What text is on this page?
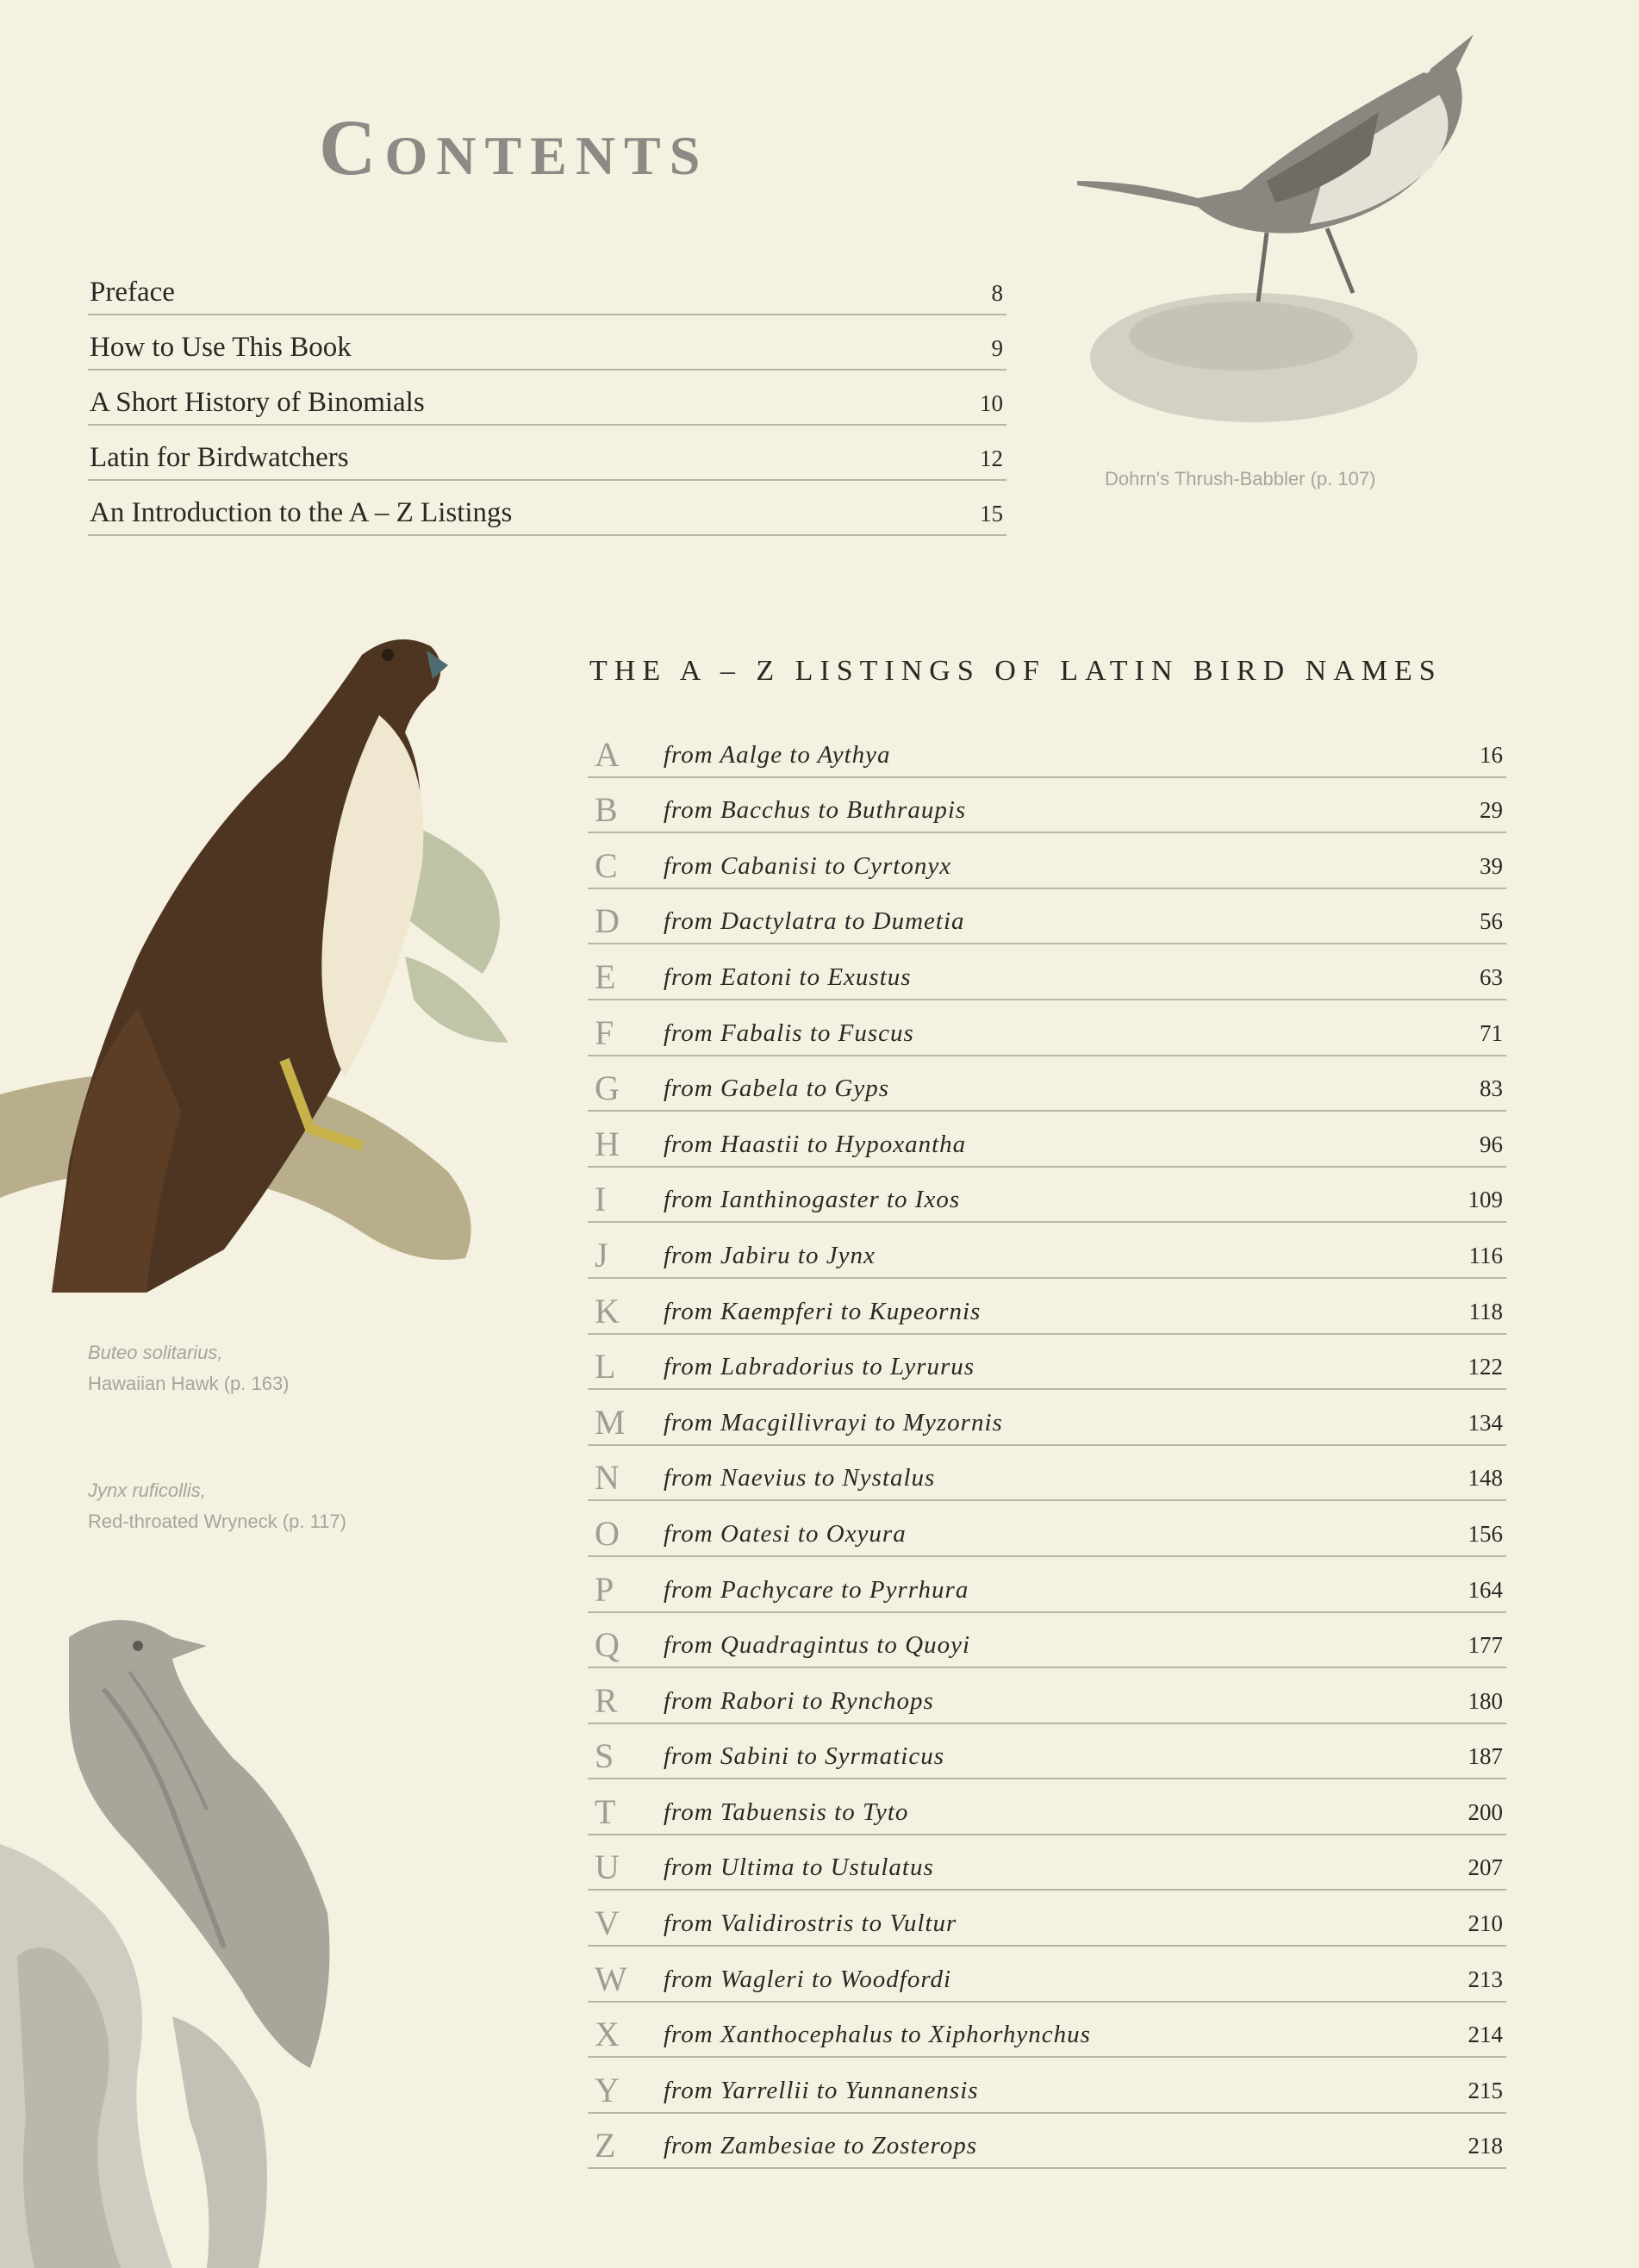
Contents
Dohrn's Thrush-Babbler (p. 107)
Preface	8
How to Use This Book	9
A Short History of Binomials	10
Latin for Birdwatchers	12
An Introduction to the A – Z Listings	15
Buteo solitarius,
Hawaiian Hawk (p. 163)
Jynx ruficollis,
Red-throated Wryneck (p. 117)
THE A – Z LISTINGS OF LATIN BIRD NAMES
A	from Aalge to Aythya	16
B	from Bacchus to Buthraupis	29
C	from Cabanisi to Cyrtonyx	39
D	from Dactylatra to Dumetia	56
E	from Eatoni to Exustus	63
F	from Fabalis to Fuscus	71
G	from Gabela to Gyps	83
H	from Haastii to Hypoxantha	96
I	from Ianthinogaster to Ixos	109
J	from Jabiru to Jynx	116
K	from Kaempferi to Kupeornis	118
L	from Labradorius to Lyrurus	122
M from Macgillivrayi to Myzornis	134
N	from Naevius to Nystalus	148
O	from Oatesi to Oxyura	156
P	from Pachycare to Pyrrhura	164
Q	from Quadragintus to Quoyi	177
R	from Rabori to Rynchops	180
S	from Sabini to Syrmaticus	187
T	from Tabuensis to Tyto	200
U	from Ultima to Ustulatus	207
V	from Validirostris to Vultur	210
W from Wagleri to Woodfordi	213
X	from Xanthocephalus to Xiphorhynchus	214
Y	from Yarrellii to Yunnanensis	215
Z	from Zambesiae to Zosterops	218
